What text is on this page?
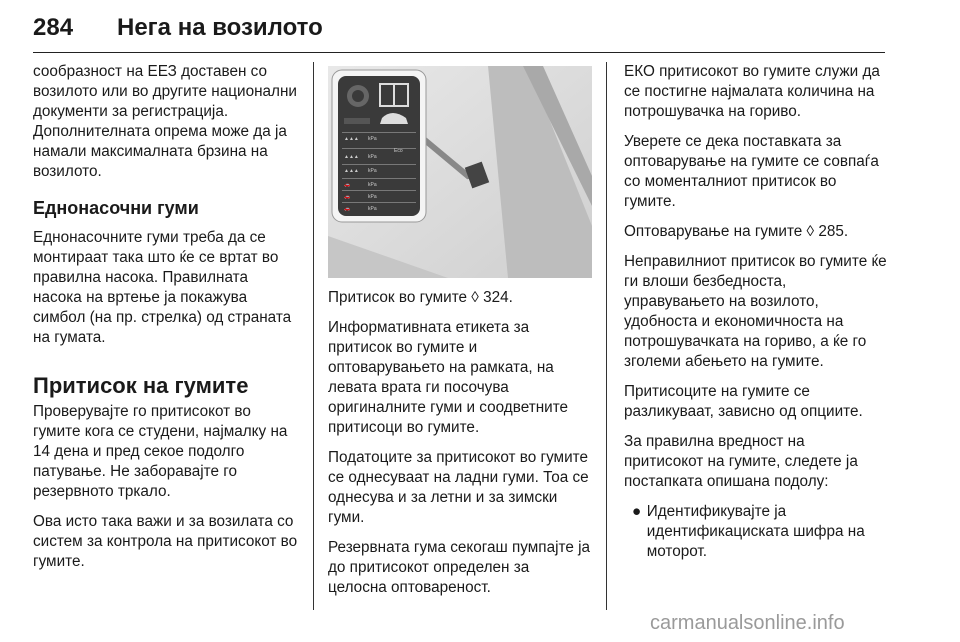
284 Нега на возилото

сообразност на ЕЕЗ доставен со возилото или во другите национални документи за регистрација. Дополнителната опрема може да ја намали максималната брзина на возилото.

Еднонасочни гуми

Еднонасочните гуми треба да се монтираат така што ќе се вртат во правилна насока. Правилната насока на вртење ја покажува симбол (на пр. стрелка) од страната на гумата.

Притисок на гумите

Проверувајте го притисокот во гумите кога се студени, најмалку на 14 дена и пред секое подолго патување. Не заборавајте го резервното тркало.

Ова исто така важи и за возилата со систем за контрола на притисокот во гумите.

▲▲▲ kPa
Eco
▲▲▲ kPa
▲▲▲ kPa
🚗	kPa
🚗	kPa
🚗	kPa

Притисок во гумите ◊ 324.

Информативната етикета за притисок во гумите и оптоварувањето на рамката, на левата врата ги посочува оригиналните гуми и соодветните притисоци во гумите.

Податоците за притисокот во гумите се однесуваат на ладни гуми. Тоа се однесува и за летни и за зимски гуми.

Резервната гума секогаш пумпајте ја до притисокот определен за целосна оптовареност.

ЕКО притисокот во гумите служи да се постигне најмалата количина на потрошувачка на гориво.

Уверете се дека поставката за оптоварување на гумите се совпаѓа со моменталниот притисок во гумите.

Оптоварување на гумите ◊ 285.

Неправилниот притисок во гумите ќе ги влоши безбедноста, управувањето на возилото, удобноста и економичноста на потрошувачката на гориво, а ќе го зголеми абењето на гумите.

Притисоците на гумите се разликуваат, зависно од опциите.

За правилна вредност на притисокот на гумите, следете ја постапката опишана подолу:

● Идентификувајте ја идентификациската шифра на моторот.
carmanualsonline.info
